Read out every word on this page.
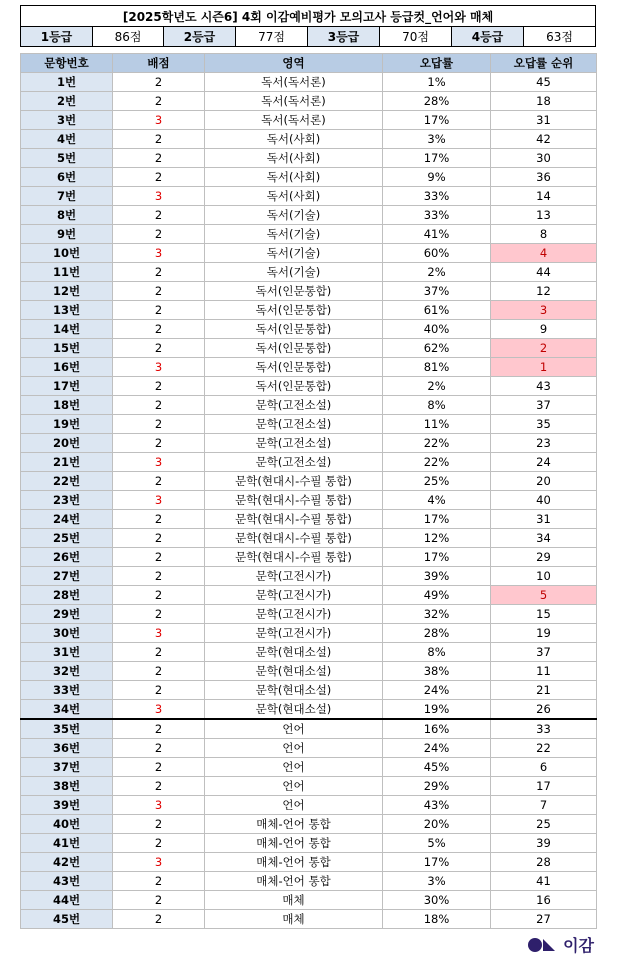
[2025학년도 시즌6] 4회 이감예비평가 모의고사 등급컷_언어와 매체
1등급	86점	2등급	77점	3등급	70점	4등급	63점
문항번호	배점	영역	오답률	오답률 순위
1번	2	독서(독서론)	1%	45
2번	2	독서(독서론)	28%	18
3번	3	독서(독서론)	17%	31
4번	2	독서(사회)	3%	42
5번	2	독서(사회)	17%	30
6번	2	독서(사회)	9%	36
7번	3	독서(사회)	33%	14
8번	2	독서(기술)	33%	13
9번	2	독서(기술)	41%	8
10번	3	독서(기술)	60%	4
11번	2	독서(기술)	2%	44
12번	2	독서(인문통합)	37%	12
13번	2	독서(인문통합)	61%	3
14번	2	독서(인문통합)	40%	9
15번	2	독서(인문통합)	62%	2
16번	3	독서(인문통합)	81%	1
17번	2	독서(인문통합)	2%	43
18번	2	문학(고전소설)	8%	37
19번	2	문학(고전소설)	11%	35
20번	2	문학(고전소설)	22%	23
21번	3	문학(고전소설)	22%	24
22번	2	문학(현대시-수필 통합)	25%	20
23번	3	문학(현대시-수필 통합)	4%	40
24번	2	문학(현대시-수필 통합)	17%	31
25번	2	문학(현대시-수필 통합)	12%	34
26번	2	문학(현대시-수필 통합)	17%	29
27번	2	문학(고전시가)	39%	10
28번	2	문학(고전시가)	49%	5
29번	2	문학(고전시가)	32%	15
30번	3	문학(고전시가)	28%	19
31번	2	문학(현대소설)	8%	37
32번	2	문학(현대소설)	38%	11
33번	2	문학(현대소설)	24%	21
34번	3	문학(현대소설)	19%	26
35번	2	언어	16%	33
36번	2	언어	24%	22
37번	2	언어	45%	6
38번	2	언어	29%	17
39번	3	언어	43%	7
40번	2	매체-언어 통합	20%	25
41번	2	매체-언어 통합	5%	39
42번	3	매체-언어 통합	17%	28
43번	2	매체-언어 통합	3%	41
44번	2	매체	30%	16
45번	2	매체	18%	27
이감
